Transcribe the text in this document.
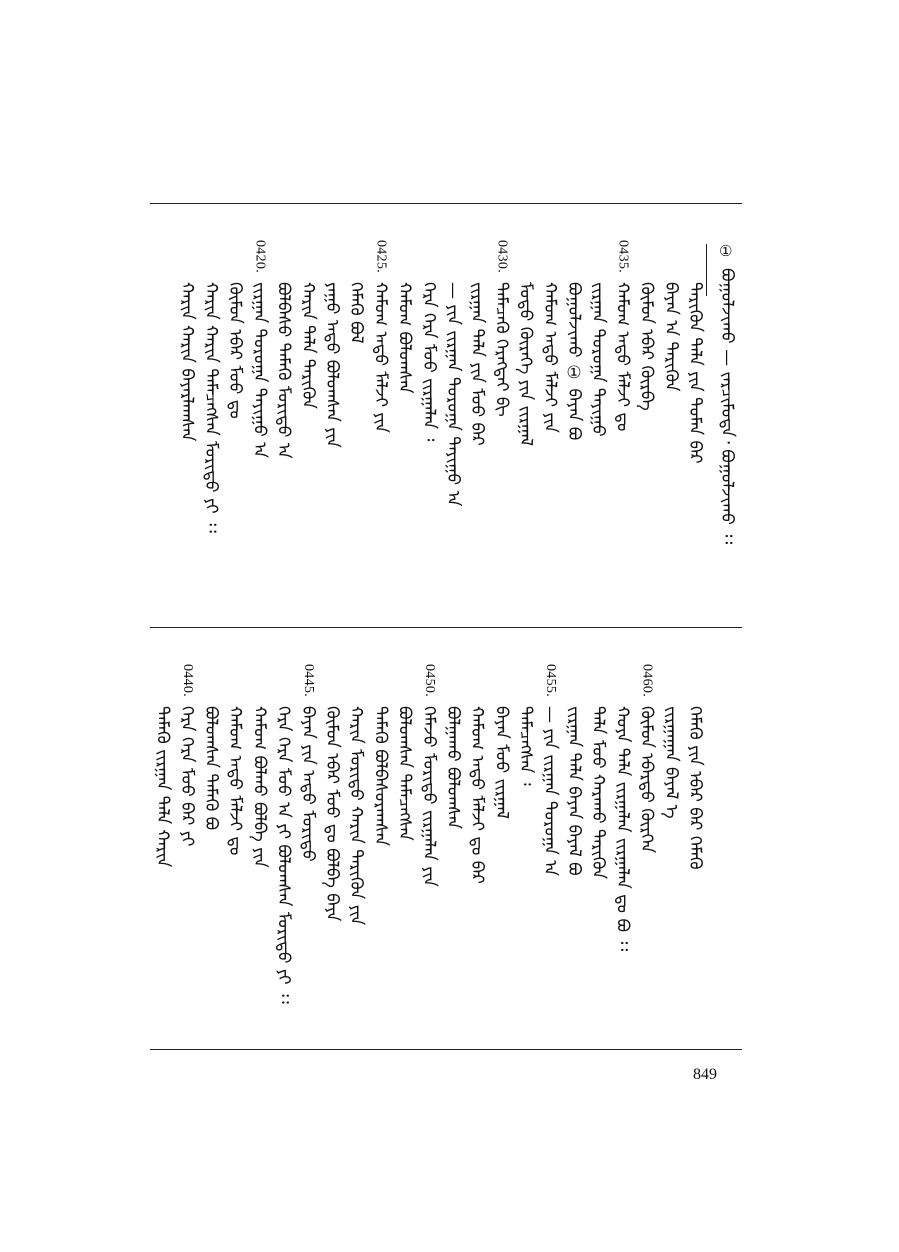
①
ᠪᠣᠭᠣᠯᠵᠢᠬᠤ — ᠵᠠᠷᠴᠢᠮᠤᠳᠠ᠂ ᠪᠣᠭᠣᠯᠵᠢᠬᠤ ᠄᠄
ᠲᠡᠷᠢᠭᠦᠨ ᠲᠠᠯᠠ ᠶᠢᠨ ᠲᠤᠮᠡᠨ ᠪᠡᠷ
ᠪᠠᠶᠠᠨ ᠠ ᠲᠡᠷᠢᠭᠦᠨ
ᠬᠦᠮᠦᠨ ᠡᠪᠡᠷ ᠬᠦᠷᠪᠡ
0435.
ᠬᠠᠮᠤᠭ ᠠᠳᠤ ᠮᠠᠯᠵᠢ ᠳᠤ
ᠵᠢᠷᠭᠠᠨ ᠳᠣᠷᠣᠭᠠ ᠲᠠᠶᠢᠭᠤ
ᠪᠣᠭᠣᠯᠵᠢᠬᠤ ① ᠪᠠᠶᠠᠨ ᠪᠣ
ᠬᠠᠮᠤᠭ ᠠᠳᠤ ᠮᠠᠯᠵᠢ ᠶᠢᠨ
ᠮᠣᠳᠣ ᠬᠦᠷᠡᠭᠡ ᠶᠢᠨ ᠵᠢᠷᠭᠠᠯ
0430.
ᠲᠡᠮᠡᠴᠡᠬᠦ ᠬᠡᠷᠡᠭᠲᠡᠢ ᠪᠢ
ᠵᠢᠷᠭᠠᠨ ᠲᠠᠯᠠ ᠶᠢᠨ ᠮᠤᠤ ᠪᠡᠷ
— ᠶᠢᠨ ᠵᠢᠷᠭᠠᠨ ᠳᠣᠷᠣᠭᠠ ᠲᠠᠶᠢᠭᠤ ᠠ
ᠬᠡᠷᠡ ᠬᠡᠷᠡ ᠮᠤᠤ ᠵᠢᠷᠭᠠᠯᠠᠨ ᠄
ᠬᠠᠮᠤᠭ ᠪᠣᠯᠣᠭᠰᠠᠨ
0425.
ᠬᠠᠮᠤᠭ ᠠᠳᠤ ᠮᠠᠯᠵᠢ ᠶᠢᠨ
ᠬᠡᠮᠡᠬᠦ ᠪᠣᠯ
ᠶᠠᠭᠤ ᠠᠳᠤ ᠪᠣᠯᠣᠭᠰᠠᠨ ᠶᠢᠨ
ᠬᠠᠷᠢᠨ ᠲᠠᠯᠠ ᠲᠡᠷᠢᠭᠦᠨ
ᠪᠣᠯᠪᠠᠰᠤ ᠲᠡᠮᠡᠬᠦ ᠮᠣᠷᠢᠳᠤ ᠠ
0420.
ᠵᠢᠷᠭᠠᠨ ᠳᠣᠷᠣᠭᠠ ᠲᠠᠶᠢᠭᠤ ᠠ
ᠬᠦᠮᠦᠨ ᠡᠪᠡᠷ ᠮᠤᠤ ᠳᠤ
ᠬᠠᠷᠢᠨ ᠬᠠᠷᠢᠨ ᠲᠡᠮᠡᠴᠡᠭᠰᠡᠨ ᠮᠣᠷᠢᠳᠤ ᠶᠢ ᠄᠄
ᠬᠠᠷᠢᠨ ᠬᠠᠷᠢᠨ ᠪᠠᠶᠠᠷᠯᠠᠭᠰᠠᠨ
ᠬᠡᠮᠡᠬᠦ ᠶᠢᠨ ᠡᠪᠡᠷ ᠪᠡᠷ ᠬᠡᠮᠡᠬᠦ
ᠵᠢᠷᠭᠠᠭᠠᠨ ᠪᠡᠶᠡᠯ ᠡ
0460.
ᠬᠦᠮᠦᠨ ᠡᠪᠡᠷᠲᠦ ᠬᠦᠷᠭᠡᠨ
ᠬᠣᠶᠠ ᠲᠠᠯᠠ ᠵᠢᠷᠭᠠᠯᠠᠨ ᠵᠢᠷᠭᠠᠯᠠᠨ ᠳᠤ ᠪᠣ ᠄᠄
ᠲᠠᠯᠠ ᠮᠤᠤ ᠬᠠᠷᠠᠬᠤ ᠲᠡᠷᠢᠭᠦᠨ
ᠵᠢᠷᠭᠠᠨ ᠲᠠᠯᠠ ᠪᠠᠶᠠᠨ ᠪᠡᠶᠡᠯ ᠪᠣ
0455.
— ᠶᠢᠨ ᠵᠢᠷᠭᠠᠨ ᠳᠣᠷᠣᠭᠠ ᠠ
ᠲᠡᠮᠡᠴᠡᠭᠰᠡᠨ ᠄
ᠪᠠᠶᠠᠨ ᠮᠤᠤ ᠵᠢᠷᠭᠠᠯ
ᠬᠠᠮᠤᠭ ᠠᠳᠤ ᠮᠠᠯᠵᠢ ᠳᠤ ᠪᠡᠷ
ᠪᠣᠯᠭᠠᠬᠤ ᠪᠣᠯᠣᠭᠰᠠᠨ
0450.
ᠬᠡᠮᠡᠵᠦ ᠮᠣᠷᠢᠳᠤ ᠵᠢᠷᠭᠠᠯᠠᠨ ᠶᠢᠨ
ᠪᠣᠯᠣᠭᠰᠠᠨ ᠲᠡᠮᠡᠴᠡᠭᠰᠡᠨ
ᠲᠡᠮᠡᠬᠦ ᠪᠣᠯᠪᠠᠰᠤᠷᠠᠭᠰᠠᠨ
ᠬᠠᠷᠢᠨ ᠮᠣᠷᠢᠳᠤ ᠬᠠᠷᠢᠨ ᠲᠡᠷᠢᠭᠦᠨ ᠶᠢᠨ
ᠬᠦᠮᠦᠨ ᠡᠪᠡᠷ ᠮᠤᠤ ᠳᠤ ᠪᠣᠯᠪᠠ ᠪᠡᠶᠡ
0445.
ᠪᠠᠶᠠᠨ ᠶᠢᠨ ᠠᠳᠤ ᠮᠣᠷᠢᠳᠤ
ᠬᠡᠷᠡ ᠬᠡᠷᠡ ᠮᠤᠤ ᠠ ᠶᠢ ᠪᠣᠯᠣᠭᠰᠠᠨ ᠮᠣᠷᠢᠳᠤ ᠶᠢ ᠄᠄
ᠬᠠᠮᠤᠭ ᠪᠣᠯᠬᠤ ᠪᠣᠯᠪᠠ ᠶᠢᠨ
ᠬᠠᠮᠤᠭ ᠠᠳᠤ ᠮᠠᠯᠵᠢ ᠳᠤ
ᠪᠣᠯᠣᠭᠰᠠᠨ ᠲᠡᠮᠡᠬᠦ ᠪᠣ
0440.
ᠬᠡᠷᠡ ᠬᠡᠷᠡ ᠮᠤᠤ ᠪᠡᠷ ᠶᠢ
ᠲᠡᠮᠡᠬᠦ ᠵᠢᠷᠭᠠᠨ ᠲᠠᠯᠠ ᠬᠠᠷᠢᠨ
849
